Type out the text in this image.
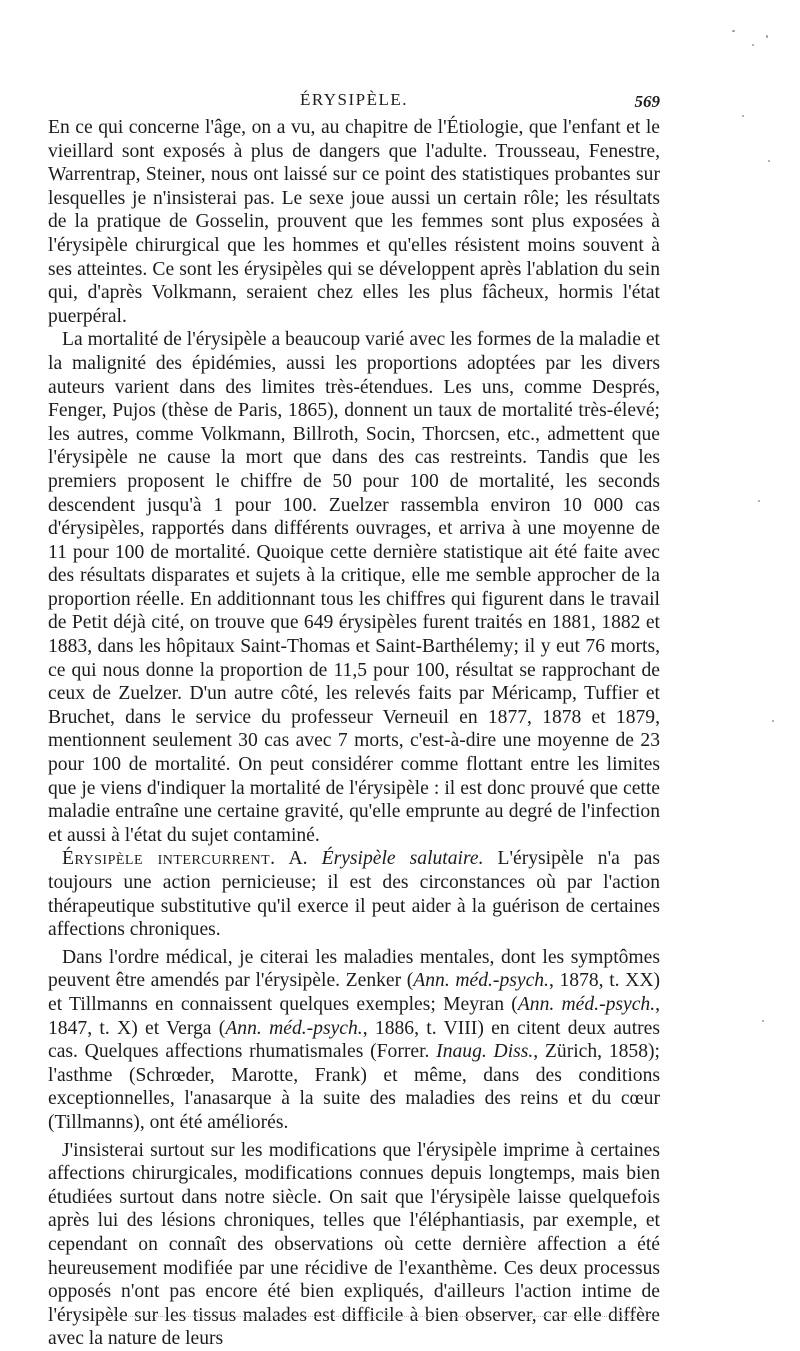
ÉRYSIPÈLE.	569

En ce qui concerne l'âge, on a vu, au chapitre de l'Étiologie, que l'enfant et le vieillard sont exposés à plus de dangers que l'adulte. Trousseau, Fenestre, Warrentrap, Steiner, nous ont laissé sur ce point des statistiques probantes sur lesquelles je n'insisterai pas. Le sexe joue aussi un certain rôle; les résultats de la pratique de Gosselin, prouvent que les femmes sont plus exposées à l'érysipèle chirurgical que les hommes et qu'elles résistent moins souvent à ses atteintes. Ce sont les érysipèles qui se développent après l'ablation du sein qui, d'après Volkmann, seraient chez elles les plus fâcheux, hormis l'état puerpéral.

La mortalité de l'érysipèle a beaucoup varié avec les formes de la maladie et la malignité des épidémies, aussi les proportions adoptées par les divers auteurs varient dans des limites très-étendues. Les uns, comme Després, Fenger, Pujos (thèse de Paris, 1865), donnent un taux de mortalité très-élevé; les autres, comme Volkmann, Billroth, Socin, Thorcsen, etc., admettent que l'érysipèle ne cause la mort que dans des cas restreints. Tandis que les premiers proposent le chiffre de 50 pour 100 de mortalité, les seconds descendent jusqu'à 1 pour 100. Zuelzer rassembla environ 10 000 cas d'érysipèles, rapportés dans différents ouvrages, et arriva à une moyenne de 11 pour 100 de mortalité. Quoique cette dernière statistique ait été faite avec des résultats disparates et sujets à la critique, elle me semble approcher de la proportion réelle. En additionnant tous les chiffres qui figurent dans le travail de Petit déjà cité, on trouve que 649 érysipèles furent traités en 1881, 1882 et 1883, dans les hôpitaux Saint-Thomas et Saint-Barthélemy; il y eut 76 morts, ce qui nous donne la proportion de 11,5 pour 100, résultat se rapprochant de ceux de Zuelzer. D'un autre côté, les relevés faits par Méricamp, Tuffier et Bruchet, dans le service du professeur Verneuil en 1877, 1878 et 1879, mentionnent seulement 30 cas avec 7 morts, c'est-à-dire une moyenne de 23 pour 100 de mortalité. On peut considérer comme flottant entre les limites que je viens d'indiquer la mortalité de l'érysipèle : il est donc prouvé que cette maladie entraîne une certaine gravité, qu'elle emprunte au degré de l'infection et aussi à l'état du sujet contaminé.

Érysipèle intercurrent. A. Érysipèle salutaire. L'érysipèle n'a pas toujours une action pernicieuse; il est des circonstances où par l'action thérapeutique substitutive qu'il exerce il peut aider à la guérison de certaines affections chroniques.

Dans l'ordre médical, je citerai les maladies mentales, dont les symptômes peuvent être amendés par l'érysipèle. Zenker (Ann. méd.-psych., 1878, t. XX) et Tillmanns en connaissent quelques exemples; Meyran (Ann. méd.-psych., 1847, t. X) et Verga (Ann. méd.-psych., 1886, t. VIII) en citent deux autres cas. Quelques affections rhumatismales (Forrer. Inaug. Diss., Zürich, 1858); l'asthme (Schrœder, Marotte, Frank) et même, dans des conditions exceptionnelles, l'anasarque à la suite des maladies des reins et du cœur (Tillmanns), ont été améliorés.

J'insisterai surtout sur les modifications que l'érysipèle imprime à certaines affections chirurgicales, modifications connues depuis longtemps, mais bien étudiées surtout dans notre siècle. On sait que l'érysipèle laisse quelquefois après lui des lésions chroniques, telles que l'éléphantiasis, par exemple, et cependant on connaît des observations où cette dernière affection a été heureusement modifiée par une récidive de l'exanthème. Ces deux processus opposés n'ont pas encore été bien expliqués, d'ailleurs l'action intime de l'érysipèle sur les tissus malades est difficile à bien observer, car elle diffère avec la nature de leurs
